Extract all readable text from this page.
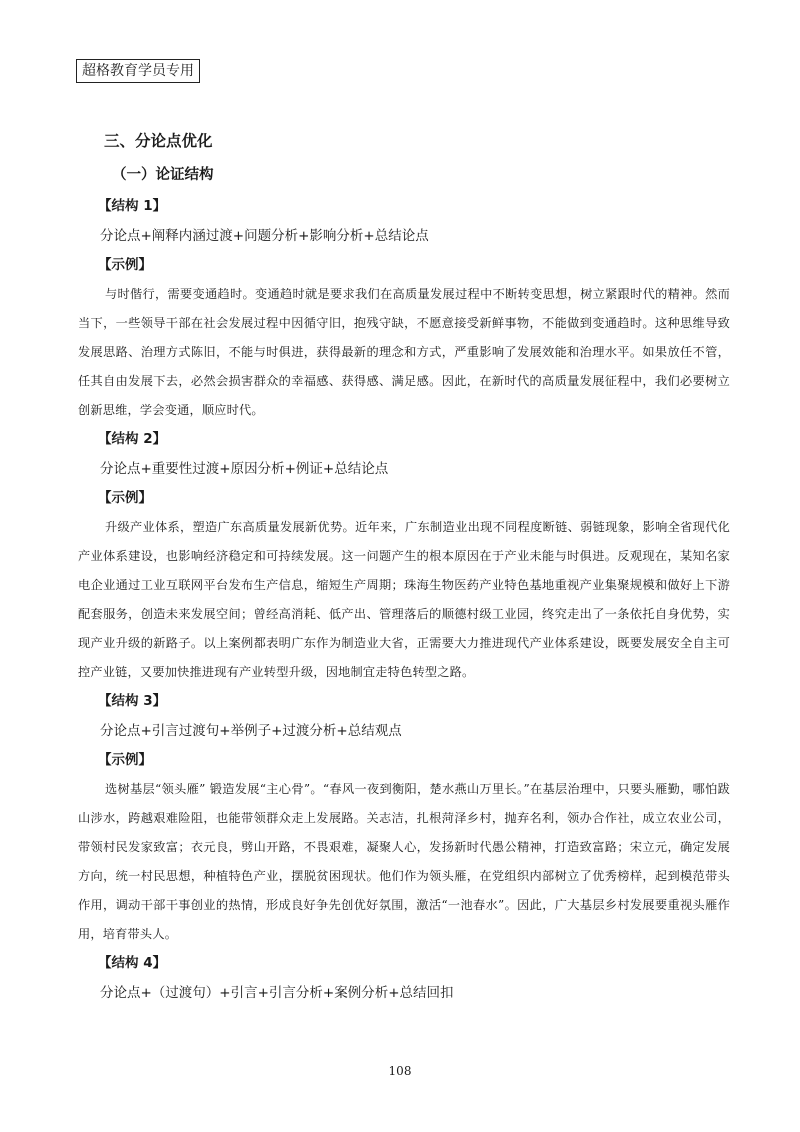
超格教育学员专用
三、分论点优化
（一）论证结构
【结构 1】
分论点+阐释内涵过渡+问题分析+影响分析+总结论点
【示例】

与时偕行，需要变通趋时。变通趋时就是要求我们在高质量发展过程中不断转变思想，树立紧跟时代的精神。然而当下，一些领导干部在社会发展过程中因循守旧，抱残守缺，不愿意接受新鲜事物，不能做到变通趋时。这种思维导致发展思路、治理方式陈旧，不能与时俱进，获得最新的理念和方式，严重影响了发展效能和治理水平。如果放任不管，任其自由发展下去，必然会损害群众的幸福感、获得感、满足感。因此，在新时代的高质量发展征程中，我们必要树立创新思维，学会变通，顺应时代。

【结构 2】
分论点+重要性过渡+原因分析+例证+总结论点
【示例】

升级产业体系，塑造广东高质量发展新优势。近年来，广东制造业出现不同程度断链、弱链现象，影响全省现代化产业体系建设，也影响经济稳定和可持续发展。这一问题产生的根本原因在于产业未能与时俱进。反观现在，某知名家电企业通过工业互联网平台发布生产信息，缩短生产周期；珠海生物医药产业特色基地重视产业集聚规模和做好上下游配套服务，创造未来发展空间；曾经高消耗、低产出、管理落后的顺德村级工业园，终究走出了一条依托自身优势，实现产业升级的新路子。以上案例都表明广东作为制造业大省，正需要大力推进现代产业体系建设，既要发展安全自主可控产业链，又要加快推进现有产业转型升级，因地制宜走特色转型之路。

【结构 3】
分论点+引言过渡句+举例子+过渡分析+总结观点
【示例】

选树基层“领头雁” 锻造发展“主心骨”。“春风一夜到衡阳，楚水燕山万里长。”在基层治理中，只要头雁勤，哪怕跋山涉水，跨越艰难险阻，也能带领群众走上发展路。关志洁，扎根菏泽乡村，抛弃名利，领办合作社，成立农业公司，带领村民发家致富；衣元良，劈山开路，不畏艰难，凝聚人心，发扬新时代愚公精神，打造致富路；宋立元，确定发展方向，统一村民思想，种植特色产业，摆脱贫困现状。他们作为领头雁，在党组织内部树立了优秀榜样，起到模范带头作用，调动干部干事创业的热情，形成良好争先创优好氛围，激活“一池春水”。因此，广大基层乡村发展要重视头雁作用，培育带头人。

【结构 4】
分论点+（过渡句）+引言+引言分析+案例分析+总结回扣
108
